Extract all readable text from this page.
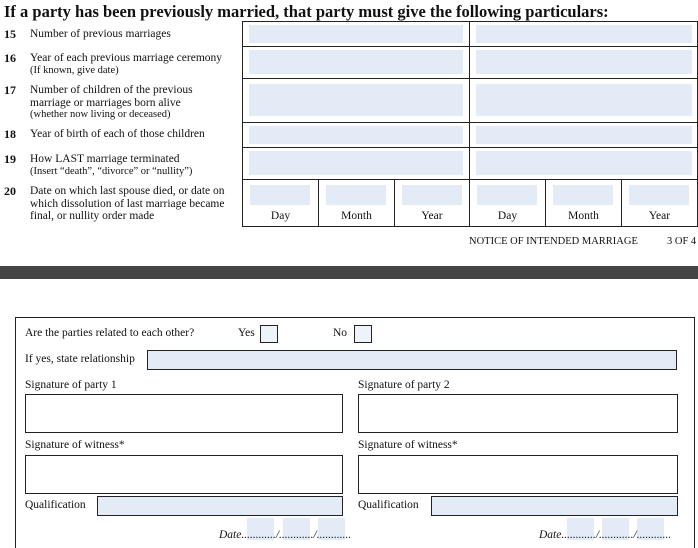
If a party has been previously married, that party must give the following particulars:
15 Number of previous marriages
16 Year of each previous marriage ceremony
(If known, give date)
17 Number of children of the previous
marriage or marriages born alive
(whether now living or deceased)
18 Year of birth of each of those children
19 How LAST marriage terminated
(Insert “death”, “divorce” or “nullity”)
20 Date on which last spouse died, or date on
which dissolution of last marriage became
final, or nullity order made	Day	Month	Year	Day	Month	Year
NOTICE OF INTENDED MARRIAGE	3 OF 4
Are the parties related to each other?	Yes	No
If yes, state relationship
Signature of party 1	Signature of party 2
Signature of witness*	Signature of witness*
Qualification	Qualification
Date............/............/............	Date............/............/............
